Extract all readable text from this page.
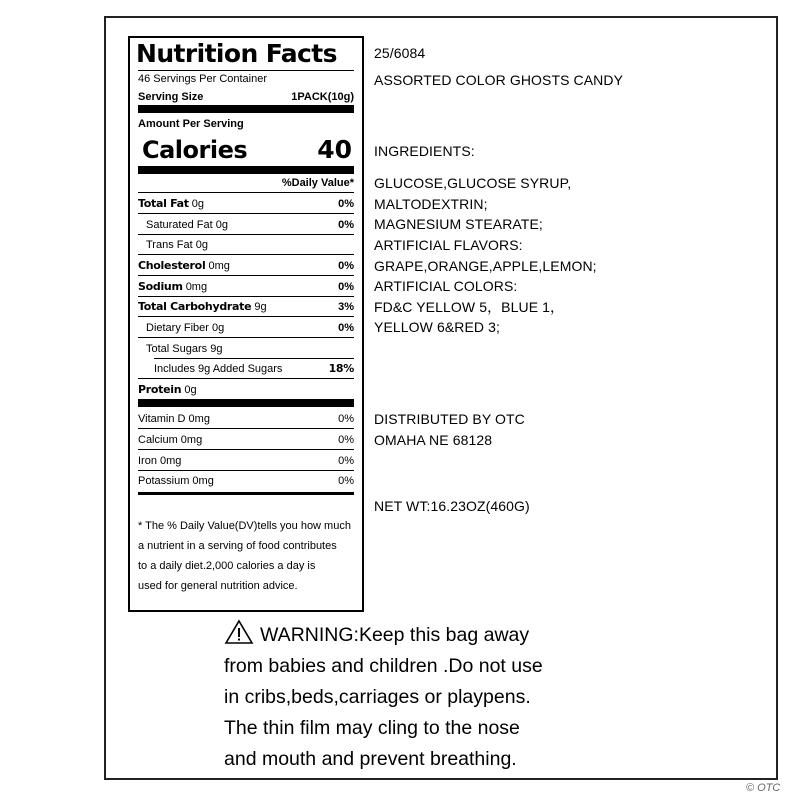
Nutrition Facts
46 Servings Per Container
Serving Size	1PACK(10g)
Amount Per Serving
Calories	40
%Daily Value*
Total Fat 0g	0%
Saturated Fat 0g	0%
Trans Fat 0g
Cholesterol 0mg	0%
Sodium 0mg	0%
Total Carbohydrate 9g	3%
Dietary Fiber 0g	0%
Total Sugars 9g
Includes 9g Added Sugars	18%
Protein 0g
Vitamin D 0mg	0%
Calcium 0mg	0%
Iron 0mg	0%
Potassium 0mg	0%
* The % Daily Value(DV)tells you how much
a nutrient in a serving of food contributes
to a daily diet.2,000 calories a day is
used for general nutrition advice.
25/6084
ASSORTED COLOR GHOSTS CANDY
INGREDIENTS:
GLUCOSE,GLUCOSE SYRUP,
MALTODEXTRIN;
MAGNESIUM STEARATE;
ARTIFICIAL FLAVORS:
GRAPE,ORANGE,APPLE,LEMON;
ARTIFICIAL COLORS:
FD&C YELLOW 5，BLUE 1，
YELLOW 6&RED 3;
DISTRIBUTED BY OTC
OMAHA NE 68128
NET WT:16.23OZ(460G)
WARNING:Keep this bag away
from babies and children .Do not use
in cribs,beds,carriages or playpens.
The thin film may cling to the nose
and mouth and prevent breathing.
© OTC
